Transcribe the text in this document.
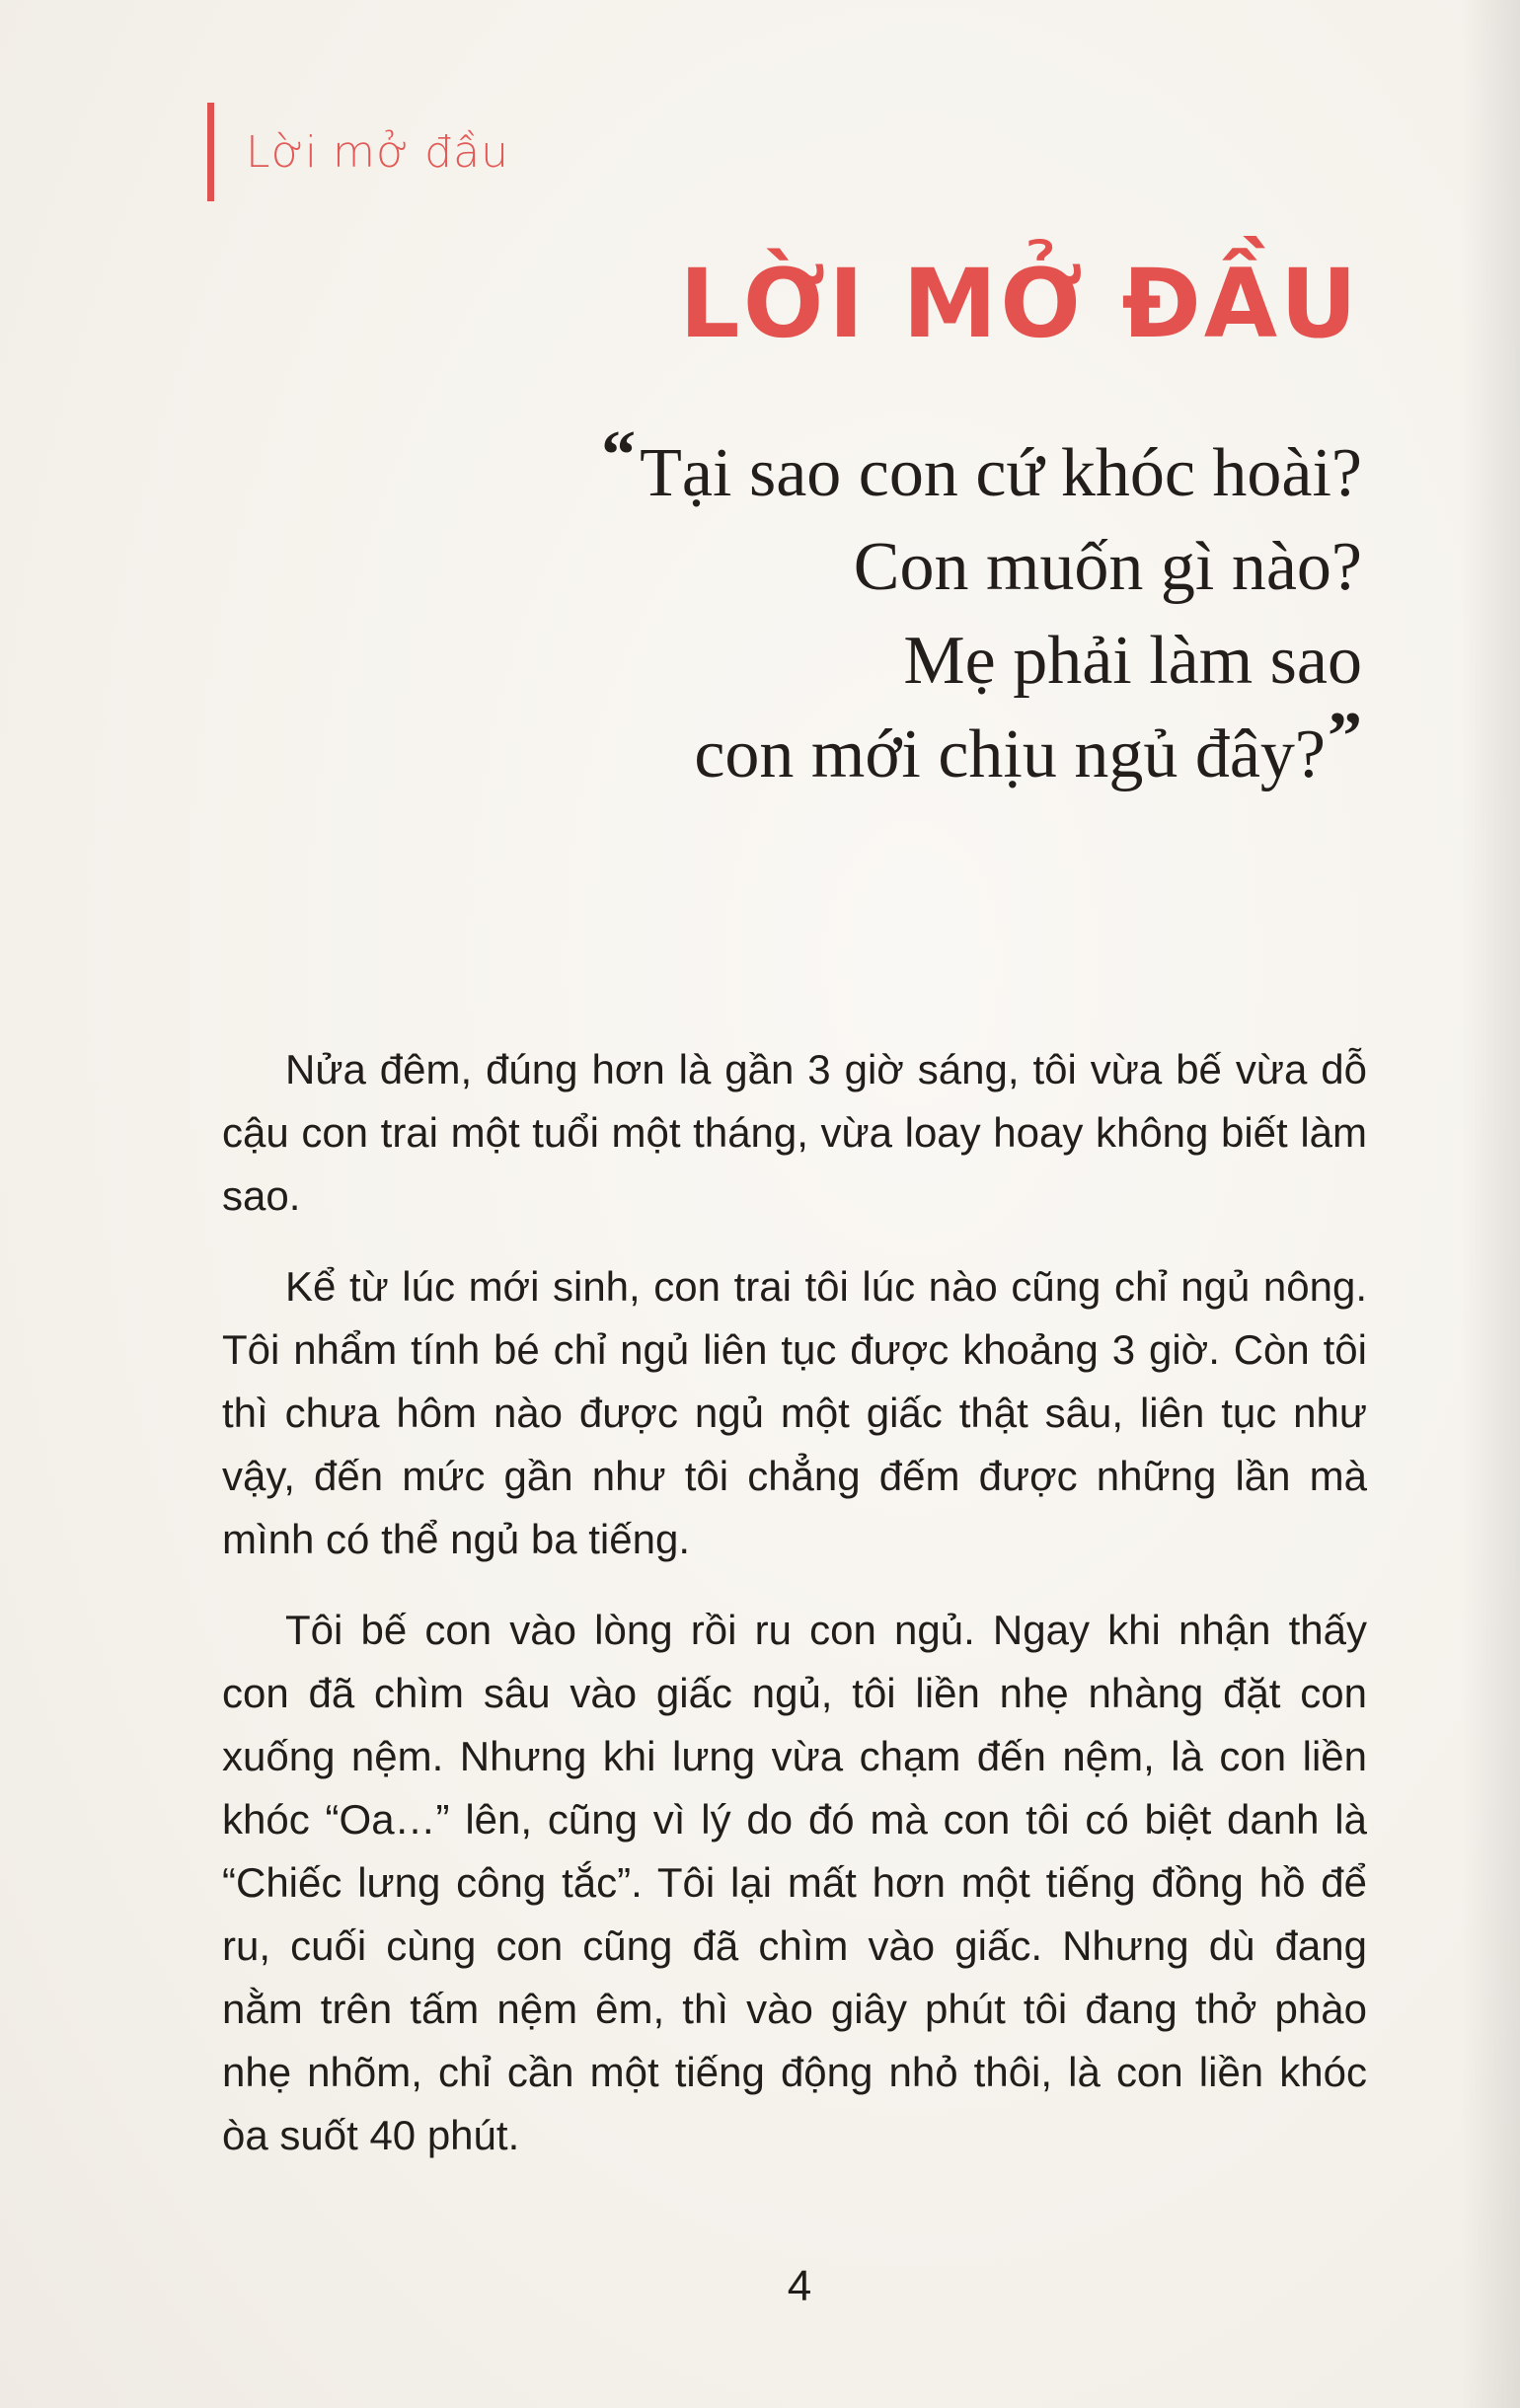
Lời mở đầu
LỜI MỞ ĐẦU
“Tại sao con cứ khóc hoài?
Con muốn gì nào?
Mẹ phải làm sao
con mới chịu ngủ đây?”

Nửa đêm, đúng hơn là gần 3 giờ sáng, tôi vừa bế vừa dỗ cậu con trai một tuổi một tháng, vừa loay hoay không biết làm sao.

Kể từ lúc mới sinh, con trai tôi lúc nào cũng chỉ ngủ nông. Tôi nhẩm tính bé chỉ ngủ liên tục được khoảng 3 giờ. Còn tôi thì chưa hôm nào được ngủ một giấc thật sâu, liên tục như vậy, đến mức gần như tôi chẳng đếm được những lần mà mình có thể ngủ ba tiếng.

Tôi bế con vào lòng rồi ru con ngủ. Ngay khi nhận thấy con đã chìm sâu vào giấc ngủ, tôi liền nhẹ nhàng đặt con xuống nệm. Nhưng khi lưng vừa chạm đến nệm, là con liền khóc “Oa…” lên, cũng vì lý do đó mà con tôi có biệt danh là “Chiếc lưng công tắc”. Tôi lại mất hơn một tiếng đồng hồ để ru, cuối cùng con cũng đã chìm vào giấc. Nhưng dù đang nằm trên tấm nệm êm, thì vào giây phút tôi đang thở phào nhẹ nhõm, chỉ cần một tiếng động nhỏ thôi, là con liền khóc òa suốt 40 phút.

4
